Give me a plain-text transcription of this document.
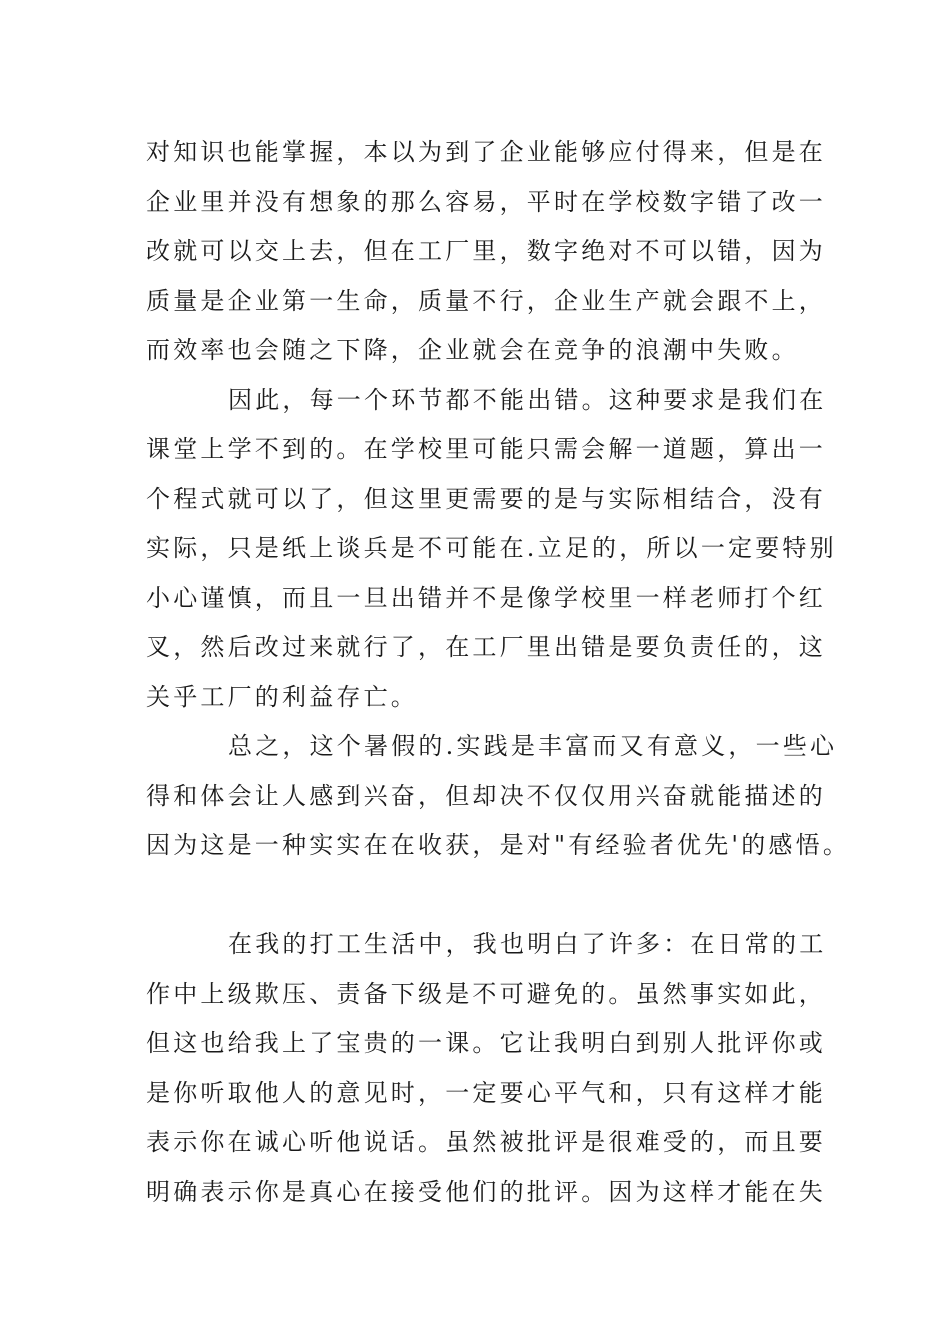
对知识也能掌握，本以为到了企业能够应付得来，但是在
企业里并没有想象的那么容易，平时在学校数字错了改一
改就可以交上去，但在工厂里，数字绝对不可以错，因为
质量是企业第一生命，质量不行，企业生产就会跟不上，
而效率也会随之下降，企业就会在竞争的浪潮中失败。
因此，每一个环节都不能出错。这种要求是我们在
课堂上学不到的。在学校里可能只需会解一道题，算出一
个程式就可以了，但这里更需要的是与实际相结合，没有
实际，只是纸上谈兵是不可能在.立足的，所以一定要特别
小心谨慎，而且一旦出错并不是像学校里一样老师打个红
叉，然后改过来就行了，在工厂里出错是要负责任的，这
关乎工厂的利益存亡。
总之，这个暑假的.实践是丰富而又有意义，一些心
得和体会让人感到兴奋，但却决不仅仅用兴奋就能描述的
因为这是一种实实在在收获，是对"有经验者优先'的感悟。
在我的打工生活中，我也明白了许多：在日常的工
作中上级欺压、责备下级是不可避免的。虽然事实如此，
但这也给我上了宝贵的一课。它让我明白到别人批评你或
是你听取他人的意见时，一定要心平气和，只有这样才能
表示你在诚心听他说话。虽然被批评是很难受的，而且要
明确表示你是真心在接受他们的批评。因为这样才能在失
